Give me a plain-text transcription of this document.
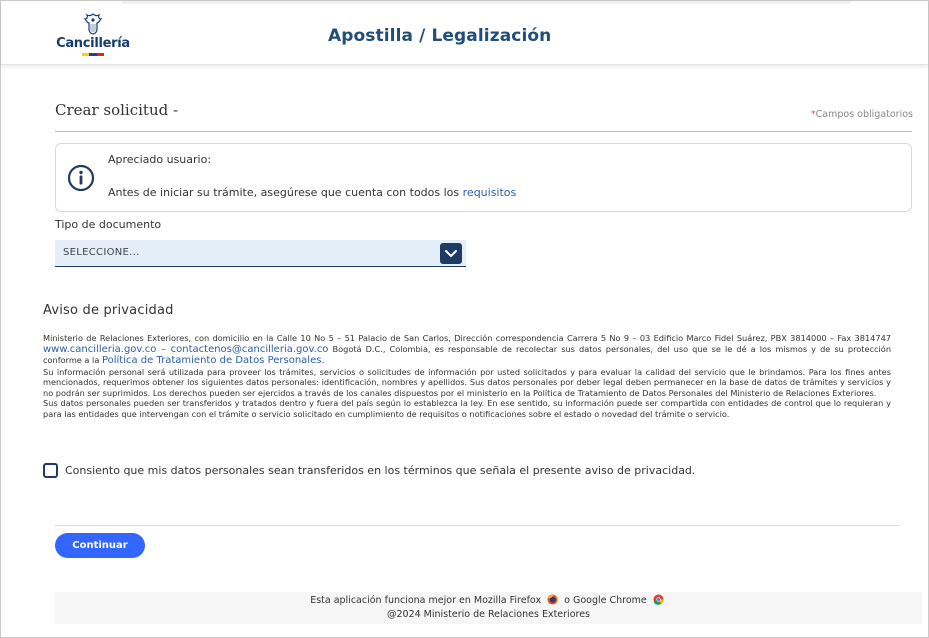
Cancillería	Apostilla / Legalización
Crear solicitud -	*Campos obligatorios
Apreciado usuario:
Antes de iniciar su trámite, asegúrese que cuenta con todos los requisitos
Tipo de documento
SELECCIONE...
Aviso de privacidad

Ministerio de Relaciones Exteriores, con domicilio en la Calle 10 No 5 – 51 Palacio de San Carlos, Dirección correspondencia Carrera 5 No 9 – 03 Edificio Marco Fidel Suárez, PBX 3814000 – Fax 3814747 www.cancilleria.gov.co – contactenos@cancilleria.gov.co Bogotá D.C., Colombia, es responsable de recolectar sus datos personales, del uso que se le dé a los mismos y de su protección conforme a la Política de Tratamiento de Datos Personales.

Su información personal será utilizada para proveer los trámites, servicios o solicitudes de información por usted solicitados y para evaluar la calidad del servicio que le brindamos. Para los fines antes mencionados, requerimos obtener los siguientes datos personales: identificación, nombres y apellidos. Sus datos personales por deber legal deben permanecer en la base de datos de trámites y servicios y no podrán ser suprimidos. Los derechos pueden ser ejercidos a través de los canales dispuestos por el ministerio en la Política de Tratamiento de Datos Personales del Ministerio de Relaciones Exteriores.

Sus datos personales pueden ser transferidos y tratados dentro y fuera del país según lo establezca la ley. En ese sentido, su información puede ser compartida con entidades de control que lo requieran y para las entidades que intervengan con el trámite o servicio solicitado en cumplimiento de requisitos o notificaciones sobre el estado o novedad del trámite o servicio.

Consiento que mis datos personales sean transferidos en los términos que señala el presente aviso de privacidad.
Continuar
Esta aplicación funciona mejor en Mozilla Firefox o Google Chrome
@2024 Ministerio de Relaciones Exteriores
